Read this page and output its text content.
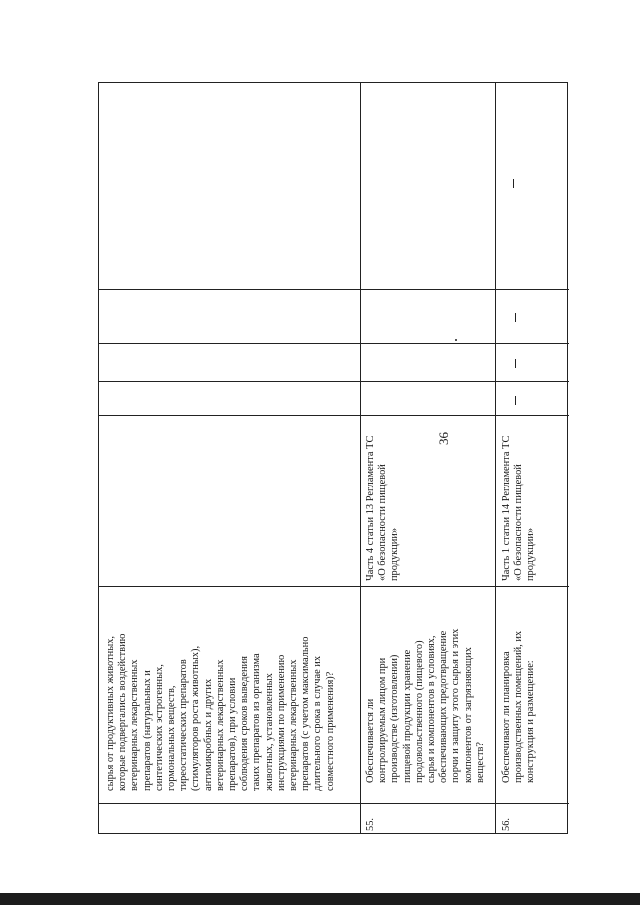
36
сырья от продуктивных животных,
которые подвергались воздействию
ветеринарных лекарственных
препаратов (натуральных и
синтетических эстрогенных,
гормональных веществ,
тиреостатических препаратов
(стимуляторов роста животных),
антимикробных и других
ветеринарных лекарственных
препаратов), при условии
соблюдения сроков выведения
таких препаратов из организма
животных, установленных
инструкциями по применению
ветеринарных лекарственных
препаратов (с учетом максимально
длительного срока в случае их
совместного применения)?
55.
Обеспечивается ли
контролируемым лицом при
производстве (изготовлении)
пищевой продукции хранение
продовольственного (пищевого)
сырья и компонентов в условиях,
обеспечивающих предотвращение
порчи и защиту этого сырья и этих
компонентов от загрязняющих
веществ?
Часть 4 статьи 13 Регламента ТС
«О безопасности пищевой
продукции»
56.
Обеспечивают ли планировка
производственных помещений, их
конструкция и размещение:
Часть 1 статьи 14 Регламента ТС
«О безопасности пищевой
продукции»
